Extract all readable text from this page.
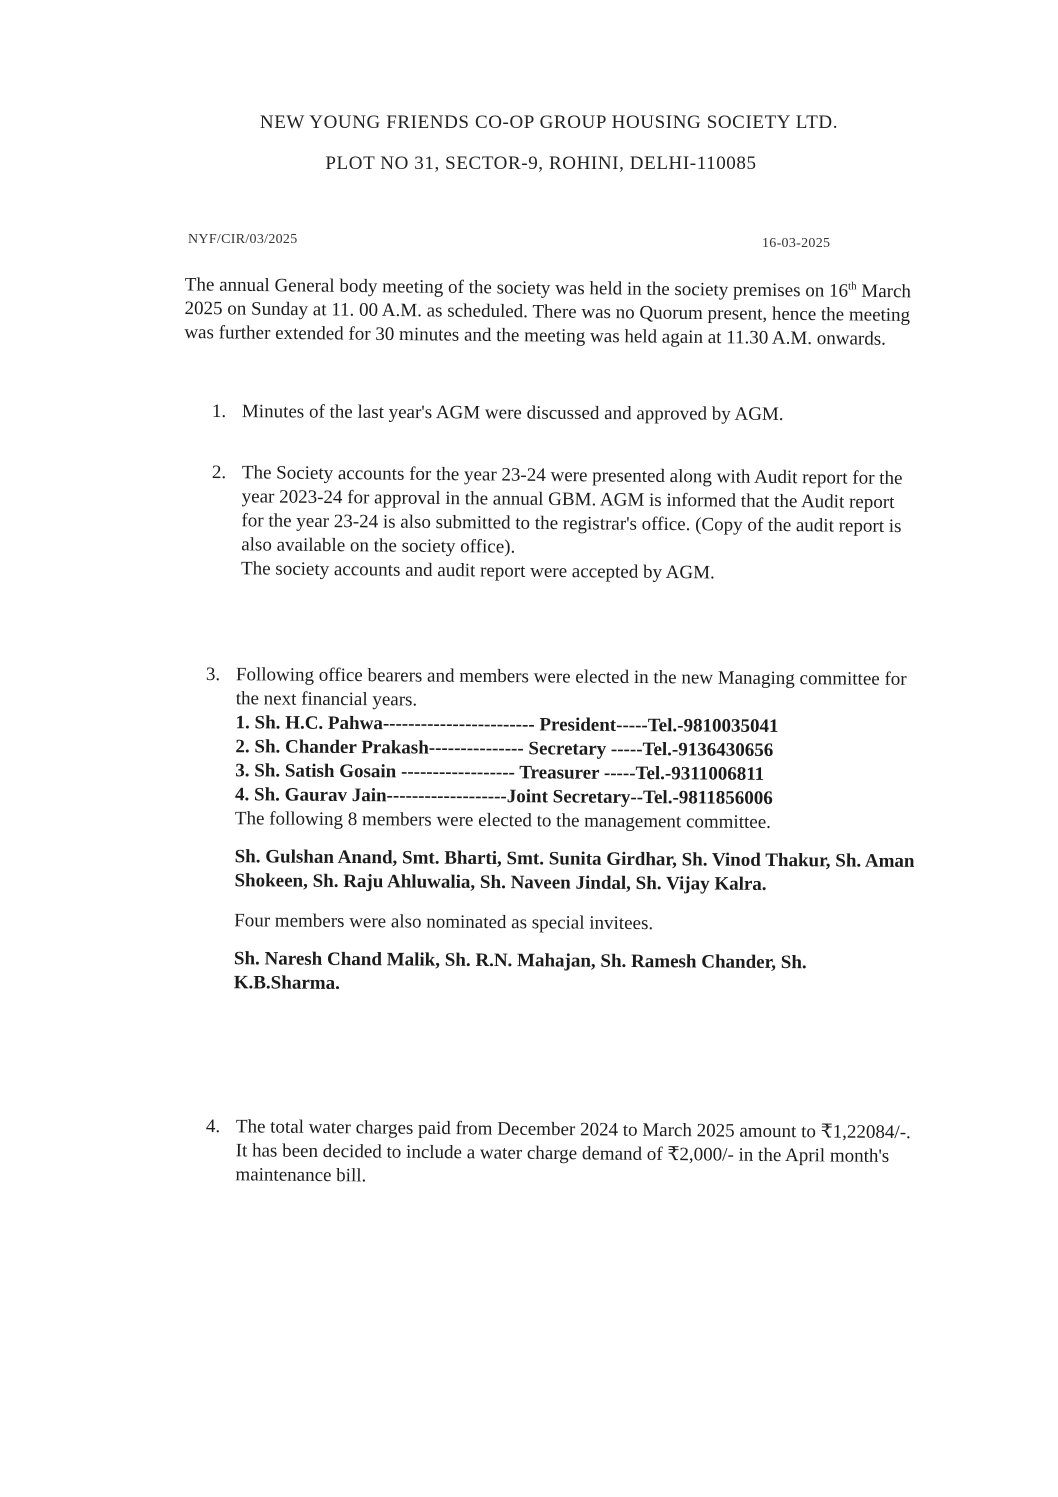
NEW YOUNG FRIENDS CO-OP GROUP HOUSING SOCIETY LTD.
PLOT NO 31, SECTOR-9, ROHINI, DELHI-110085
NYF/CIR/03/2025	16-03-2025
The annual General body meeting of the society was held in the society premises on 16th March 2025 on Sunday at 11. 00 A.M. as scheduled. There was no Quorum present, hence the meeting was further extended for 30 minutes and the meeting was held again at 11.30 A.M. onwards.
1. Minutes of the last year's AGM were discussed and approved by AGM.
2. The Society accounts for the year 23-24 were presented along with Audit report for the year 2023-24 for approval in the annual GBM. AGM is informed that the Audit report for the year 23-24 is also submitted to the registrar's office. (Copy of the audit report is also available on the society office).
The society accounts and audit report were accepted by AGM.
3. Following office bearers and members were elected in the new Managing committee for the next financial years.
1. Sh. H.C. Pahwa------------------------ President-----Tel.-9810035041
2. Sh. Chander Prakash--------------- Secretary -----Tel.-9136430656
3. Sh. Satish Gosain ------------------ Treasurer -----Tel.-9311006811
4. Sh. Gaurav Jain-------------------Joint Secretary--Tel.-9811856006
The following 8 members were elected to the management committee.
Sh. Gulshan Anand, Smt. Bharti, Smt. Sunita Girdhar, Sh. Vinod Thakur, Sh. Aman Shokeen, Sh. Raju Ahluwalia, Sh. Naveen Jindal, Sh. Vijay Kalra.
Four members were also nominated as special invitees.
Sh. Naresh Chand Malik, Sh. R.N. Mahajan, Sh. Ramesh Chander, Sh. K.B.Sharma.
4. The total water charges paid from December 2024 to March 2025 amount to ₹1,22084/-. It has been decided to include a water charge demand of ₹2,000/- in the April month's maintenance bill.
